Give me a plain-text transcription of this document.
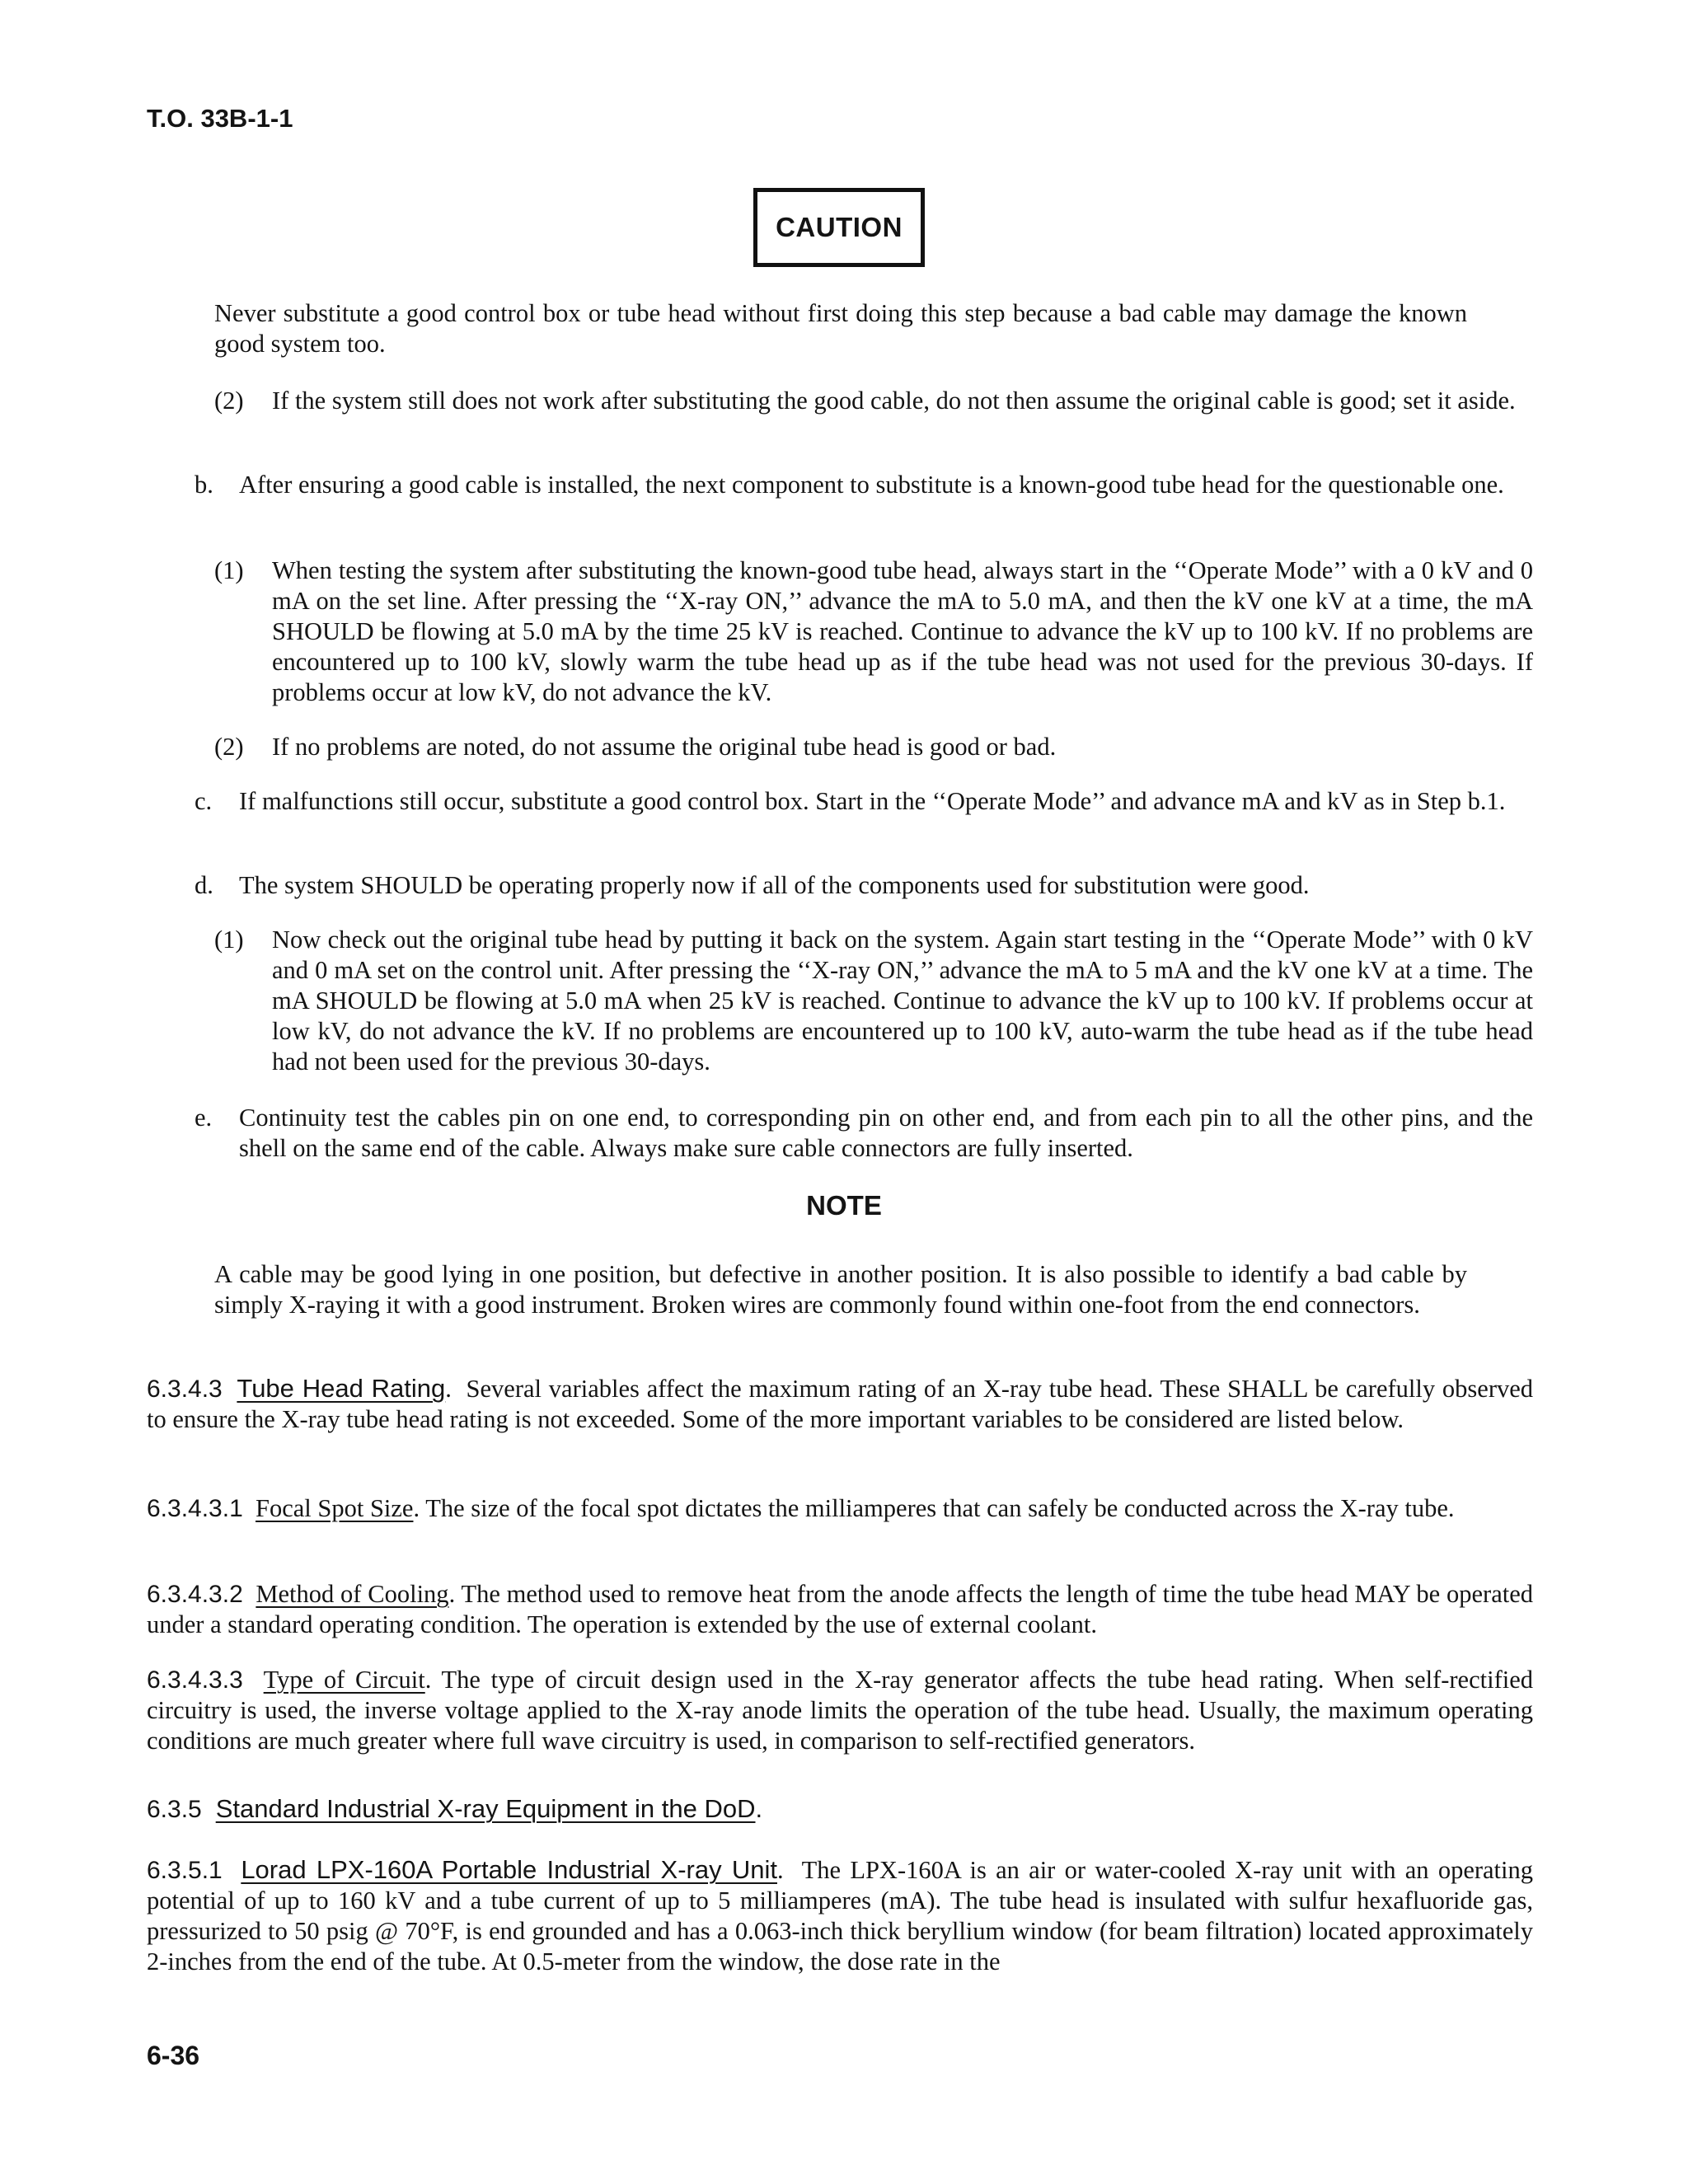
T.O. 33B-1-1
CAUTION

Never substitute a good control box or tube head without first doing this step because a bad cable may damage the known good system too.

(2) If the system still does not work after substituting the good cable, do not then assume the original cable is good; set it aside.
b. After ensuring a good cable is installed, the next component to substitute is a known-good tube head for the questionable one.
(1) When testing the system after substituting the known-good tube head, always start in the ‘‘Operate Mode’’ with a 0 kV and 0 mA on the set line. After pressing the ‘‘X-ray ON,’’ advance the mA to 5.0 mA, and then the kV one kV at a time, the mA SHOULD be flowing at 5.0 mA by the time 25 kV is reached. Continue to advance the kV up to 100 kV. If no problems are encountered up to 100 kV, slowly warm the tube head up as if the tube head was not used for the previous 30-days. If problems occur at low kV, do not advance the kV.
(2) If no problems are noted, do not assume the original tube head is good or bad.
c. If malfunctions still occur, substitute a good control box. Start in the ‘‘Operate Mode’’ and advance mA and kV as in Step b.1.
d. The system SHOULD be operating properly now if all of the components used for substitution were good.
(1) Now check out the original tube head by putting it back on the system. Again start testing in the ‘‘Operate Mode’’ with 0 kV and 0 mA set on the control unit. After pressing the ‘‘X-ray ON,’’ advance the mA to 5 mA and the kV one kV at a time. The mA SHOULD be flowing at 5.0 mA when 25 kV is reached. Continue to advance the kV up to 100 kV. If problems occur at low kV, do not advance the kV. If no problems are encountered up to 100 kV, auto-warm the tube head as if the tube head had not been used for the previous 30-days.
e. Continuity test the cables pin on one end, to corresponding pin on other end, and from each pin to all the other pins, and the shell on the same end of the cable. Always make sure cable connectors are fully inserted.
NOTE

A cable may be good lying in one position, but defective in another position. It is also possible to identify a bad cable by simply X-raying it with a good instrument. Broken wires are commonly found within one-foot from the end connectors.

6.3.4.3 Tube Head Rating.  Several variables affect the maximum rating of an X-ray tube head. These SHALL be carefully observed to ensure the X-ray tube head rating is not exceeded. Some of the more important variables to be considered are listed below.

6.3.4.3.1 Focal Spot Size. The size of the focal spot dictates the milliamperes that can safely be conducted across the X-ray tube.

6.3.4.3.2 Method of Cooling. The method used to remove heat from the anode affects the length of time the tube head MAY be operated under a standard operating condition. The operation is extended by the use of external coolant.

6.3.4.3.3 Type of Circuit. The type of circuit design used in the X-ray generator affects the tube head rating. When self-rectified circuitry is used, the inverse voltage applied to the X-ray anode limits the operation of the tube head. Usually, the maximum operating conditions are much greater where full wave circuitry is used, in comparison to self-rectified generators.

6.3.5 Standard Industrial X-ray Equipment in the DoD.

6.3.5.1 Lorad LPX-160A Portable Industrial X-ray Unit.  The LPX-160A is an air or water-cooled X-ray unit with an operating potential of up to 160 kV and a tube current of up to 5 milliamperes (mA). The tube head is insulated with sulfur hexafluoride gas, pressurized to 50 psig @ 70°F, is end grounded and has a 0.063-inch thick beryllium window (for beam filtration) located approximately 2-inches from the end of the tube. At 0.5-meter from the window, the dose rate in the

6-36
